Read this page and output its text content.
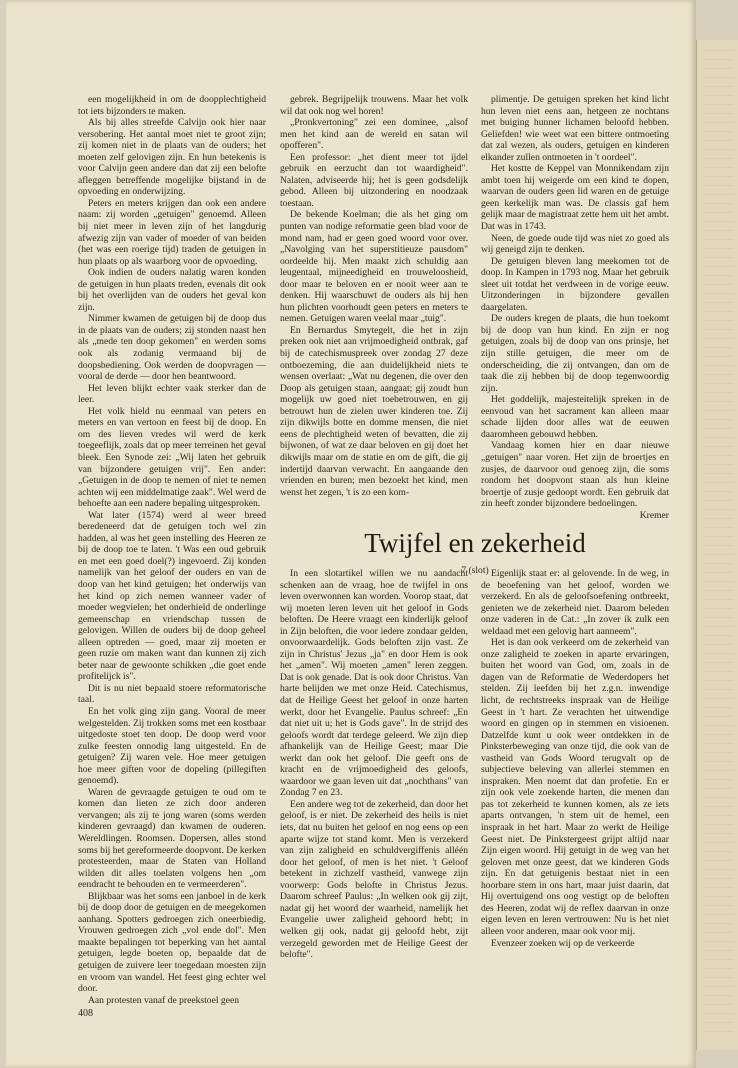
een mogelijkheid in om de doopplechtigheid tot iets bijzonders te maken.

Als bij alles streefde Calvijn ook hier naar versobering. Het aantal moet niet te groot zijn; zij komen niet in de plaats van de ouders; het moeten zelf gelovigen zijn. En hun betekenis is voor Calvijn geen andere dan dat zij een belofte afleggen betreffende mogelijke bijstand in de opvoeding en onderwijzing.

Peters en meters krijgen dan ook een andere naam: zij worden „getuigen" genoemd. Alleen bij niet meer in leven zijn of het langdurig afwezig zijn van vader of moeder of van beiden (het was een roerige tijd) traden de getuigen in hun plaats op als waarborg voor de opvoeding.

Ook indien de ouders nalatig waren konden de getuigen in hun plaats treden, evenals dit ook bij het overlijden van de ouders het geval kon zijn.

Nimmer kwamen de getuigen bij de doop dus in de plaats van de ouders; zij stonden naast hen als „mede ten doop gekomen" en werden soms ook als zodanig vermaand bij de doopsbediening. Ook werden de doopvragen — vooral de derde — door hen beantwoord.

Het leven blijkt echter vaak sterker dan de leer.

Het volk hield nu eenmaal van peters en meters en van vertoon en feest bij de doop. En om des lieven vredes wil werd de kerk toegeeflijk, zoals dat op meer terreinen het geval bleek. Een Synode zei: „Wij laten het gebruik van bijzondere getuigen vrij". Een ander: „Getuigen in de doop te nemen of niet te nemen achten wij een middelmatige zaak". Wel werd de behoefte aan een nadere bepaling uitgesproken.

Wat later (1574) werd al weer breed beredeneerd dat de getuigen toch wel zin hadden, al was het geen instelling des Heeren ze bij de doop toe te laten. 't Was een oud gebruik en met een goed doel(?) ingevoerd. Zij konden namelijk van het geloof der ouders en van de doop van het kind getuigen; het onderwijs van het kind op zich nemen wanneer vader of moeder wegvielen; het onderhield de onderlinge gemeenschap en vriendschap tussen de gelovigen. Willen de ouders bij de doop geheel alleen optreden — goed, maar zij moeten er geen ruzie om maken want dan kunnen zij zich beter naar de gewoonte schikken „die goet ende profitelijck is".

Dit is nu niet bepaald stoere reformatorische taal.

En het volk ging zijn gang. Vooral de meer welgestelden. Zij trokken soms met een kostbaar uitgedoste stoet ten doop. De doop werd voor zulke feesten onnodig lang uitgesteld. En de getuigen? Zij waren vele. Hoe meer getuigen hoe meer giften voor de dopeling (pillegiften genoemd).

Waren de gevraagde getuigen te oud om te komen dan lieten ze zich door anderen vervangen; als zij te jong waren (soms werden kinderen gevraagd) dan kwamen de ouderen. Wereldlingen. Roomsen. Dopersen, alles stond soms bij het gereformeerde doopvont. De kerken protesteerden, maar de Staten van Holland wilden dit alles toelaten volgens hen „om eendracht te behouden en te vermeerderen".

Blijkbaar was het soms een janboel in de kerk bij de doop door de getuigen en de meegekomen aanhang. Spotters gedroegen zich oneerbiedig. Vrouwen gedroegen zich „vol ende dol". Men maakte bepalingen tot beperking van het aantal getuigen, legde boeten op, bepaalde dat de getuigen de zuivere leer toegedaan moesten zijn en vroom van wandel. Het feest ging echter wel door.

Aan protesten vanaf de preekstoel geen

gebrek. Begrijpelijk trouwens. Maar het volk wil dat ook nog wel horen!

„Pronkvertoning" zei een dominee, „alsof men het kind aan de wereld en satan wil opofferen".

Een professor: „het dient meer tot ijdel gebruik en eerzucht dan tot waardigheid". Nalaten, adviseerde hij; het is geen godsdelijk gebod. Alleen bij uitzondering en noodzaak toestaan.

De bekende Koelman; die als het ging om punten van nodige reformatie geen blad voor de mond nam, had er geen goed woord voor over. „Navolging van het superstitieuze pausdom" oordeelde hij. Men maakt zich schuldig aan leugentaal, mijneedigheid en trouweloosheid, door maar te beloven en er nooit weer aan te denken. Hij waarschuwt de ouders als hij hen hun plichten voorhoudt geen peters en meters te nemen. Getuigen waren veelal maar „tuig".

En Bernardus Smytegelt, die het in zijn preken ook niet aan vrijmoedigheid ontbrak, gaf bij de catechismuspreek over zondag 27 deze ontboezeming, die aan duidelijkheid niets te wensen overlaat: „Wat nu degenen, die over den Doop als getuigen staan, aangaat; gij zoudt hun mogelijk uw goed niet toebetrouwen, en gij betrouwt hun de zielen uwer kinderen toe. Zij zijn dikwijls botte en domme mensen, die niet eens de plechtigheid weten of bevatten, die zij bijwonen, of wat ze daar beloven en gij doet het dikwijls maar om de statie en om de gift, die gij indertijd daarvan verwacht. En aangaande den vrienden en buren; men bezoekt het kind, men wenst het zegen, 't is zo een kom-

plimentje. De getuigen spreken het kind licht hun leven niet eens aan, hetgeen ze nochtans met buiging hunner lichamen beloofd hebben. Geliefden! wie weet wat een bittere ontmoeting dat zal wezen, als ouders, getuigen en kinderen elkander zullen ontmoeten in 't oordeel".

Het kostte de Keppel van Monnikendam zijn ambt toen hij weigerde om een kind te dopen, waarvan de ouders geen lid waren en de getuige geen kerkelijk man was. De classis gaf hem gelijk maar de magistraat zette hem uit het ambt. Dat was in 1743.

Neen, de goede oude tijd was niet zo goed als wij geneigd zijn te denken.

De getuigen bleven lang meekomen tot de doop. In Kampen in 1793 nog. Maar het gebruik sleet uit totdat het verdween in de vorige eeuw. Uitzonderingen in bijzondere gevallen daargelaten.

De ouders kregen de plaats, die hun toekomt bij de doop van hun kind. En zijn er nog getuigen, zoals bij de doop van ons prinsje, het zijn stille getuigen, die meer om de onderscheiding, die zij ontvangen, dan om de taak die zij hebben bij de doop tegenwoordig zijn.

Het goddelijk, majesteitelijk spreken in de eenvoud van het sacrament kan alleen maar schade lijden door alles wat de eeuwen daaromheen gebouwd hebben.

Vandaag komen hier en daar nieuwe „getuigen" naar voren. Het zijn de broertjes en zusjes, de daarvoor oud genoeg zijn, die soms rondom het doopvont staan als hun kleine broertje of zusje gedoopt wordt. Een gebruik dat zin heeft zonder bijzondere bedoelingen.

Kremer
Twijfel en zekerheid
7 (slot)

In een slotartikel willen we nu aandacht schenken aan de vraag, hoe de twijfel in ons leven overwonnen kan worden. Voorop staat, dat wij moeten leren leven uit het geloof in Gods beloften. De Heere vraagt een kinderlijk geloof in Zijn beloften, die voor iedere zondaar gelden, onvoorwaardelijk. Gods beloften zijn vast. Ze zijn in Christus' Jezus „ja" en door Hem is ook het „amen". Wij moeten „amen" leren zeggen. Dat is ook genade. Dat is ook door Christus. Van harte belijden we met onze Heid. Catechismus, dat de Heilige Geest het geloof in onze harten werkt, door het Evangelie. Paulus schreef: „En dat niet uit u; het is Gods gave". In de strijd des geloofs wordt dat terdege geleerd. We zijn diep afhankelijk van de Heilige Geest; maar Die werkt dan ook het geloof. Die geeft ons de kracht en de vrijmoedigheid des geloofs, waardoor we gaan leven uit dat „nochthans" van Zondag 7 en 23.

Een andere weg tot de zekerheid, dan door het geloof, is er niet. De zekerheid des heils is niet iets, dat nu buiten het geloof en nog eens op een aparte wijze tot stand komt. Men is verzekerd van zijn zaligheid en schuldvergiffenis alléén door het geloof, of men is het niet. 't Geloof betekent in zichzelf vastheid, vanwege zijn voorwerp: Gods belofte in Christus Jezus. Daarom schreef Paulus: „In welken ook gij zijt, nadat gij het woord der waarheid, namelijk het Evangelie uwer zaligheid gehoord hebt; in welken gij ook, nadat gij geloofd hebt, zijt verzegeld geworden met de Heilige Geest der belofte".

Eigenlijk staat er: al gelovende. In de weg, in de beoefening van het geloof, worden we verzekerd. En als de geloofsoefening ontbreekt, genieten we de zekerheid niet. Daarom beleden onze vaderen in de Cat.: „In zover ik zulk een weldaad met een gelovig hart aanneem".

Het is dan ook verkeerd om de zekerheid van onze zaligheid te zoeken in aparte ervaringen, buiten het woord van God, om, zoals in de dagen van de Reformatie de Wederdopers het stelden. Zij leefden bij het z.g.n. inwendige licht, de rechtstreeks inspraak van de Heilige Geest in 't hart. Ze verachten het uitwendige woord en gingen op in stemmen en visioenen. Datzelfde kunt u ook weer ontdekken in de Pinksterbeweging van onze tijd, die ook van de vastheid van Gods Woord terugvalt op de subjectieve beleving van allerlei stemmen en inspraken. Men noemt dat dan profetie. En er zijn ook vele zoekende harten, die menen dan pas tot zekerheid te kunnen komen, als ze iets aparts ontvangen, 'n stem uit de hemel, een inspraak in het hart. Maar zo werkt de Heilige Geest niet. De Pinkstergeest grijpt altijd naar Zijn eigen woord. Hij getuigt in de weg van het geloven met onze geest, dat we kinderen Gods zijn. En dat getuigenis bestaat niet in een hoorbare stem in ons hart, maar juist daarin, dat Hij overtuigend ons oog vestigt op de beloften des Heeren, zodat wij de reflex daarvan in onze eigen leven en leren vertrouwen: Nu is het niet alleen voor anderen, maar ook voor mij.

Evenzeer zoeken wij op de verkeerde

408
